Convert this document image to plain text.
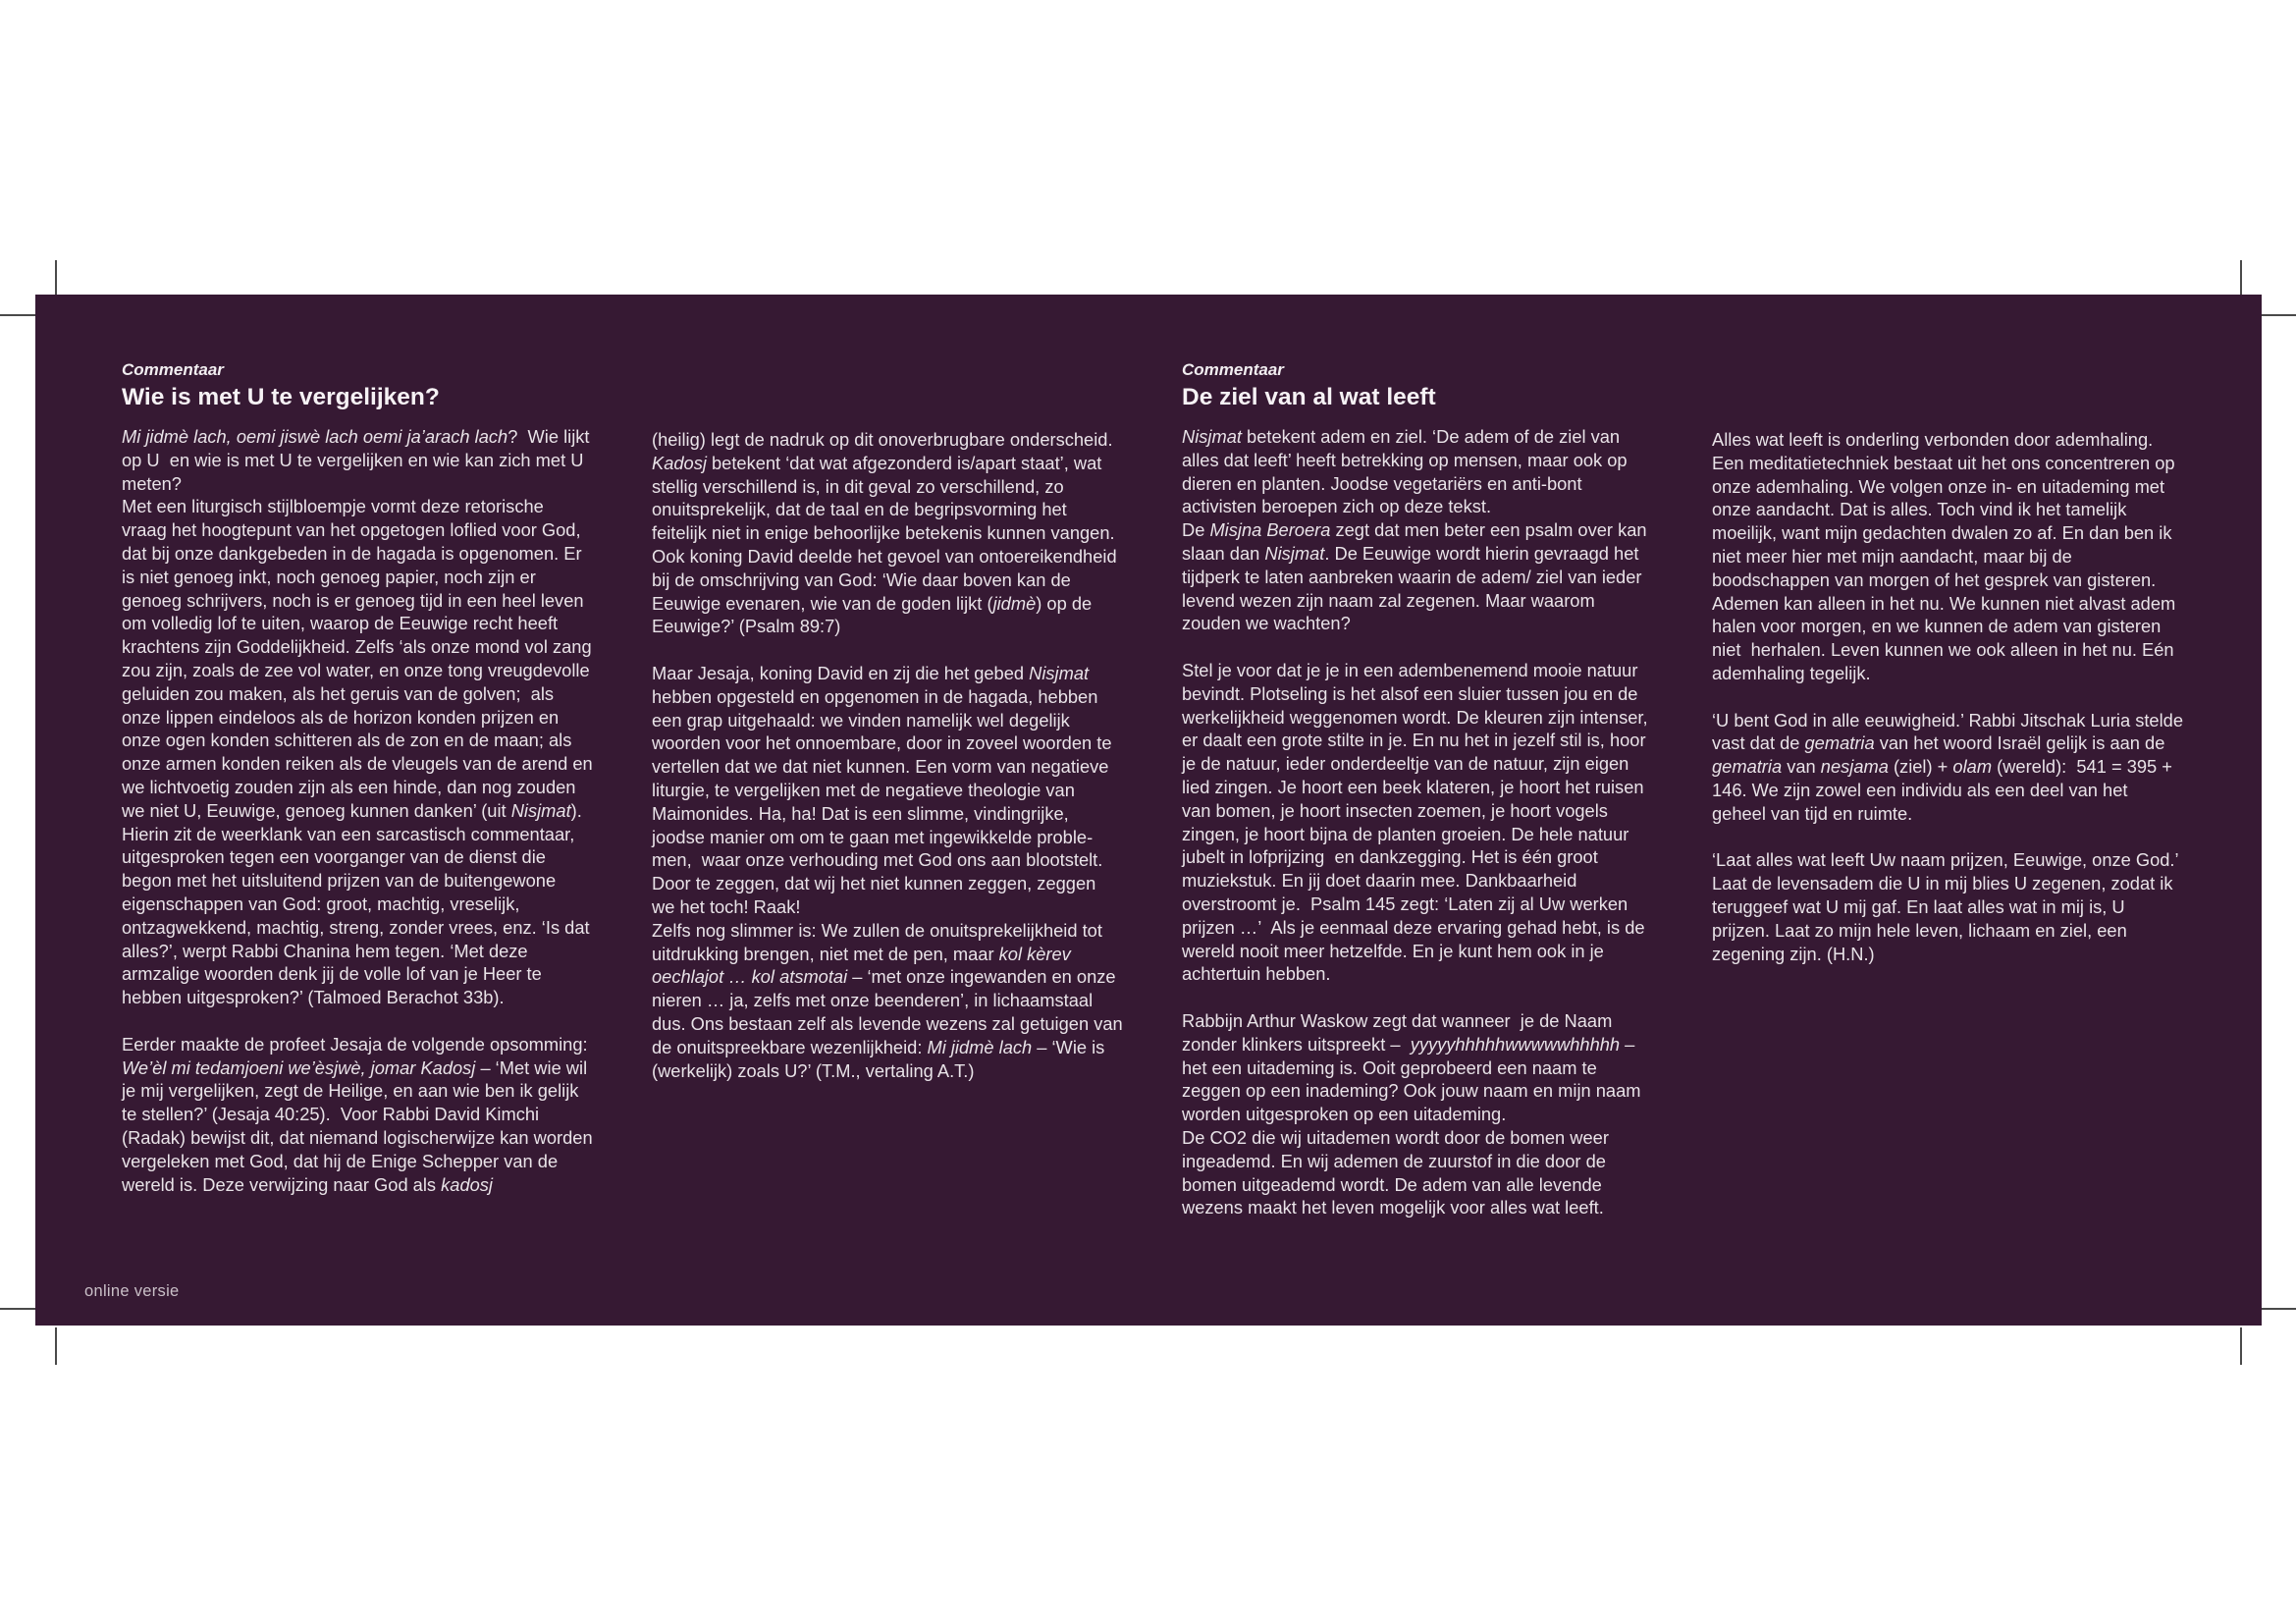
Commentaar
Wie is met U te vergelijken?

Mi jidmè lach, oemi jiswè lach oemi ja’arach lach?  Wie lijkt op U  en wie is met U te vergelijken en wie kan zich met U meten?
Met een liturgisch stijlbloempje vormt deze retorische vraag het hoogtepunt van het opgetogen loflied voor God, dat bij onze dankgebeden in de hagada is opgenomen. Er is niet genoeg inkt, noch genoeg papier, noch zijn er genoeg schrijvers, noch is er genoeg tijd in een heel leven om volledig lof te uiten, waarop de Eeuwige recht heeft krachtens zijn Goddelijkheid. Zelfs ‘als onze mond vol zang zou zijn, zoals de zee vol water, en onze tong vreugdevolle geluiden zou maken, als het geruis van de golven;  als onze lippen eindeloos als de horizon konden prijzen en onze ogen konden schitteren als de zon en de maan; als onze armen konden reiken als de vleugels van de arend en we lichtvoetig zouden zijn als een hinde, dan nog zouden we niet U, Eeuwige, genoeg kunnen danken’ (uit Nisjmat). Hierin zit de weerklank van een sarcastisch commentaar, uitgesproken tegen een voorganger van de dienst die begon met het uitsluitend prijzen van de buitengewone eigenschappen van God: groot, machtig, vreselijk, ontzagwekkend, machtig, streng, zonder vrees, enz. ‘Is dat alles?’, werpt Rabbi Chanina hem tegen. ‘Met deze armzalige woorden denk jij de volle lof van je Heer te hebben uitgesproken?’ (Talmoed Berachot 33b).

Eerder maakte de profeet Jesaja de volgende opsomming: We’èl mi tedamjoeni we’èsjwè, jomar Kadosj – ‘Met wie wil je mij vergelijken, zegt de Heilige, en aan wie ben ik gelijk te stellen?’ (Jesaja 40:25).  Voor Rabbi David Kimchi (Radak) bewijst dit, dat niemand logischerwijze kan worden vergeleken met God, dat hij de Enige Schepper van de wereld is. Deze verwijzing naar God als kadosj

(heilig) legt de nadruk op dit onoverbrugbare onderscheid. Kadosj betekent ‘dat wat afgezonderd is/apart staat’, wat stellig verschillend is, in dit geval zo verschillend, zo onuitsprekelijk, dat de taal en de begripsvorming het feitelijk niet in enige behoorlijke betekenis kunnen vangen.
Ook koning David deelde het gevoel van ontoereikendheid bij de omschrijving van God: ‘Wie daar boven kan de Eeuwige evenaren, wie van de goden lijkt (jidmè) op de Eeuwige?’ (Psalm 89:7)

Maar Jesaja, koning David en zij die het gebed Nisjmat hebben opgesteld en opgenomen in de hagada, hebben een grap uitgehaald: we vinden namelijk wel degelijk woorden voor het onnoembare, door in zoveel woorden te vertellen dat we dat niet kunnen. Een vorm van negatieve liturgie, te vergelijken met de negatieve theologie van Maimonides. Ha, ha! Dat is een slimme, vindingrijke, joodse manier om om te gaan met ingewikkelde problemen,  waar onze verhouding met God ons aan blootstelt. Door te zeggen, dat wij het niet kunnen zeggen, zeggen we het toch! Raak!
Zelfs nog slimmer is: We zullen de onuitsprekelijkheid tot uitdrukking brengen, niet met de pen, maar kol kèrev oechlajot … kol atsmotai – ‘met onze ingewanden en onze nieren … ja, zelfs met onze beenderen’, in lichaamstaal dus. Ons bestaan zelf als levende wezens zal getuigen van de onuitspreekbare wezenlijkheid: Mi jidmè lach – ‘Wie is (werkelijk) zoals U?’ (T.M., vertaling A.T.)

Commentaar
De ziel van al wat leeft

Nisjmat betekent adem en ziel. ‘De adem of de ziel van alles dat leeft’ heeft betrekking op mensen, maar ook op dieren en planten. Joodse vegetariërs en anti-bont activisten beroepen zich op deze tekst.
De Misjna Beroera zegt dat men beter een psalm over kan slaan dan Nisjmat. De Eeuwige wordt hierin gevraagd het tijdperk te laten aanbreken waarin de adem/ ziel van ieder levend wezen zijn naam zal zegenen. Maar waarom zouden we wachten?

Stel je voor dat je je in een adembenemend mooie natuur bevindt. Plotseling is het alsof een sluier tussen jou en de werkelijkheid weggenomen wordt. De kleuren zijn intenser, er daalt een grote stilte in je. En nu het in jezelf stil is, hoor je de natuur, ieder onderdeeltje van de natuur, zijn eigen lied zingen. Je hoort een beek klateren, je hoort het ruisen van bomen, je hoort insecten zoemen, je hoort vogels zingen, je hoort bijna de planten groeien. De hele natuur jubelt in lofprijzing  en dankzegging. Het is één groot muziekstuk. En jij doet daarin mee. Dankbaarheid overstroomt je.  Psalm 145 zegt: ‘Laten zij al Uw werken prijzen …’  Als je eenmaal deze ervaring gehad hebt, is de wereld nooit meer hetzelfde. En je kunt hem ook in je achtertuin hebben.

Rabbijn Arthur Waskow zegt dat wanneer  je de Naam zonder klinkers uitspreekt –  yyyyyhhhhhwwwwwhhhhh – het een uitademing is. Ooit geprobeerd een naam te zeggen op een inademing? Ook jouw naam en mijn naam worden uitgesproken op een uitademing.
De CO2 die wij uitademen wordt door de bomen weer ingeademd. En wij ademen de zuurstof in die door de bomen uitgeademd wordt. De adem van alle levende wezens maakt het leven mogelijk voor alles wat leeft.

Alles wat leeft is onderling verbonden door ademhaling. Een meditatietechniek bestaat uit het ons concentreren op onze ademhaling. We volgen onze in- en uitademing met onze aandacht. Dat is alles. Toch vind ik het tamelijk moeilijk, want mijn gedachten dwalen zo af. En dan ben ik niet meer hier met mijn aandacht, maar bij de boodschappen van morgen of het gesprek van gisteren. Ademen kan alleen in het nu. We kunnen niet alvast adem halen voor morgen, en we kunnen de adem van gisteren niet  herhalen. Leven kunnen we ook alleen in het nu. Eén ademhaling tegelijk.

‘U bent God in alle eeuwigheid.’ Rabbi Jitschak Luria stelde vast dat de gematria van het woord Israël gelijk is aan de gematria van nesjama (ziel) + olam (wereld):  541 = 395 + 146. We zijn zowel een individu als een deel van het geheel van tijd en ruimte.

‘Laat alles wat leeft Uw naam prijzen, Eeuwige, onze God.’ Laat de levensadem die U in mij blies U zegenen, zodat ik teruggeef wat U mij gaf. En laat alles wat in mij is, U prijzen. Laat zo mijn hele leven, lichaam en ziel, een zegening zijn. (H.N.)

online versie
